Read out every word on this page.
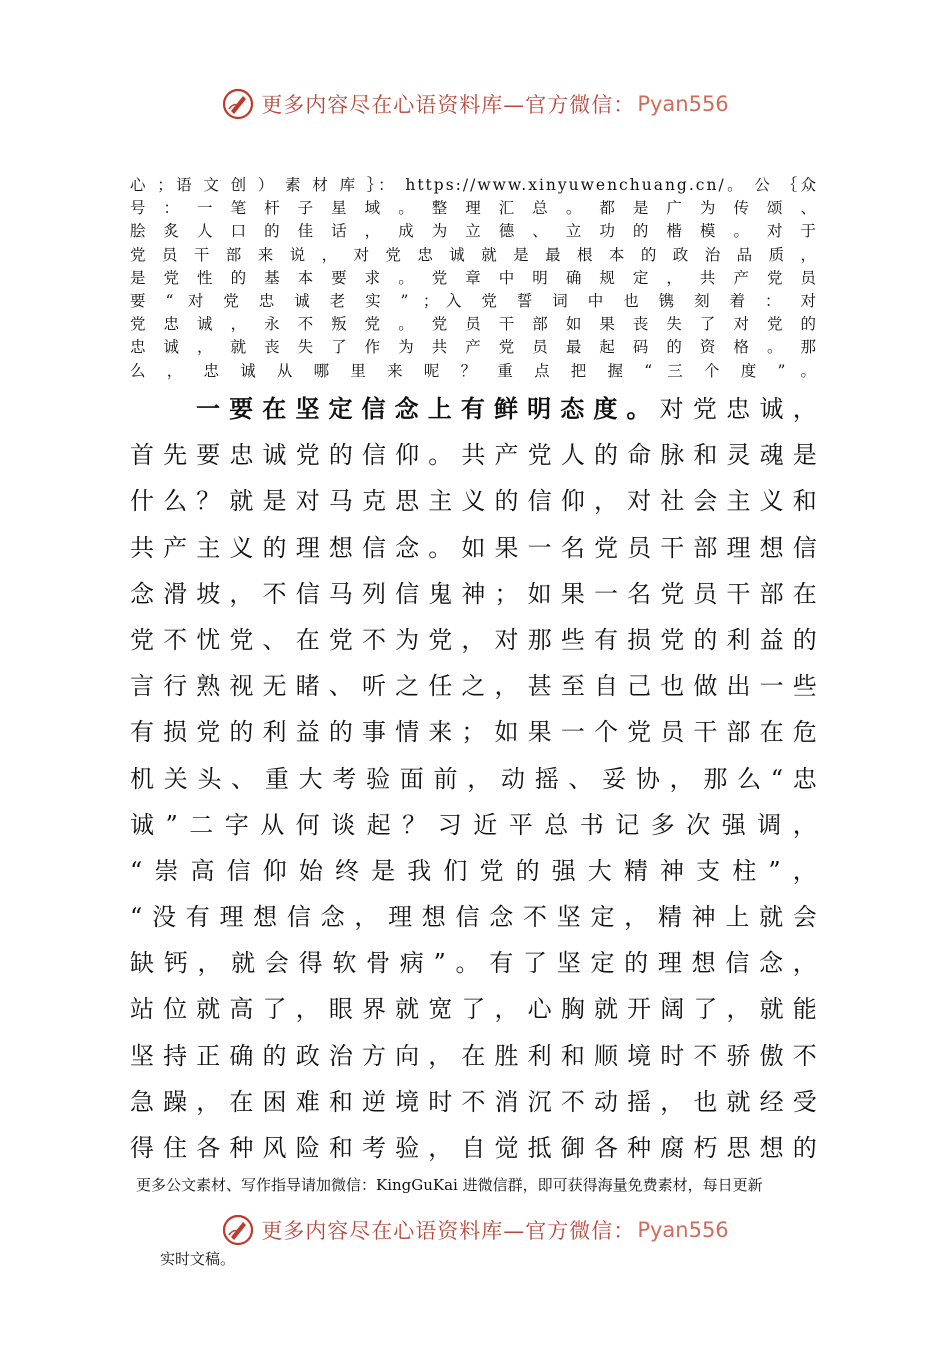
更多内容尽在心语资料库—官方微信： Pyan556
心 ；语 文 创 ） 素 材 库 ｝： https://www.xinyuwenchuang.cn/。 公 ｛众
号 ： 一 笔 杆 子 星 域 。 整 理 汇 总 。 都 是 广 为 传 颂 、
脍 炙 人 口 的 佳 话 ， 成 为 立 德 、 立 功 的 楷 模 。 对 于
党 员 干 部 来 说 ， 对 党 忠 诚 就 是 最 根 本 的 政 治 品 质 ，
是 党 性 的 基 本 要 求 。 党 章 中 明 确 规 定 ， 共 产 党 员
要 “ 对 党 忠 诚 老 实 ” ；入 党 誓 词 中 也 镌 刻 着 ： 对
党 忠 诚 ， 永 不 叛 党 。 党 员 干 部 如 果 丧 失 了 对 党 的
忠 诚 ， 就 丧 失 了 作 为 共 产 党 员 最 起 码 的 资 格 。 那
么 ， 忠 诚 从 哪 里 来 呢 ？ 重 点 把 握 “ 三 个 度 ” 。
一要在坚定信念上有鲜明态度。对党忠诚，
首先要忠诚党的信仰。共产党人的命脉和灵魂是
什么？就是对马克思主义的信仰，对社会主义和
共产主义的理想信念。如果一名党员干部理想信
念滑坡，不信马列信鬼神；如果一名党员干部在
党不忧党、在党不为党，对那些有损党的利益的
言行熟视无睹、听之任之，甚至自己也做出一些
有损党的利益的事情来；如果一个党员干部在危
机关头、重大考验面前，动摇、妥协，那么“忠
诚”二字从何谈起？习近平总书记多次强调，
“崇高信仰始终是我们党的强大精神支柱”，
“没有理想信念，理想信念不坚定，精神上就会
缺钙，就会得软骨病”。有了坚定的理想信念，
站位就高了，眼界就宽了，心胸就开阔了，就能
坚持正确的政治方向，在胜利和顺境时不骄傲不
急躁，在困难和逆境时不消沉不动摇，也就经受
得住各种风险和考验，自觉抵御各种腐朽思想的
更多公文素材、写作指导请加微信：KingGuKai 进微信群，即可获得海量免费素材，每日更新
更多内容尽在心语资料库—官方微信： Pyan556
实时文稿。
